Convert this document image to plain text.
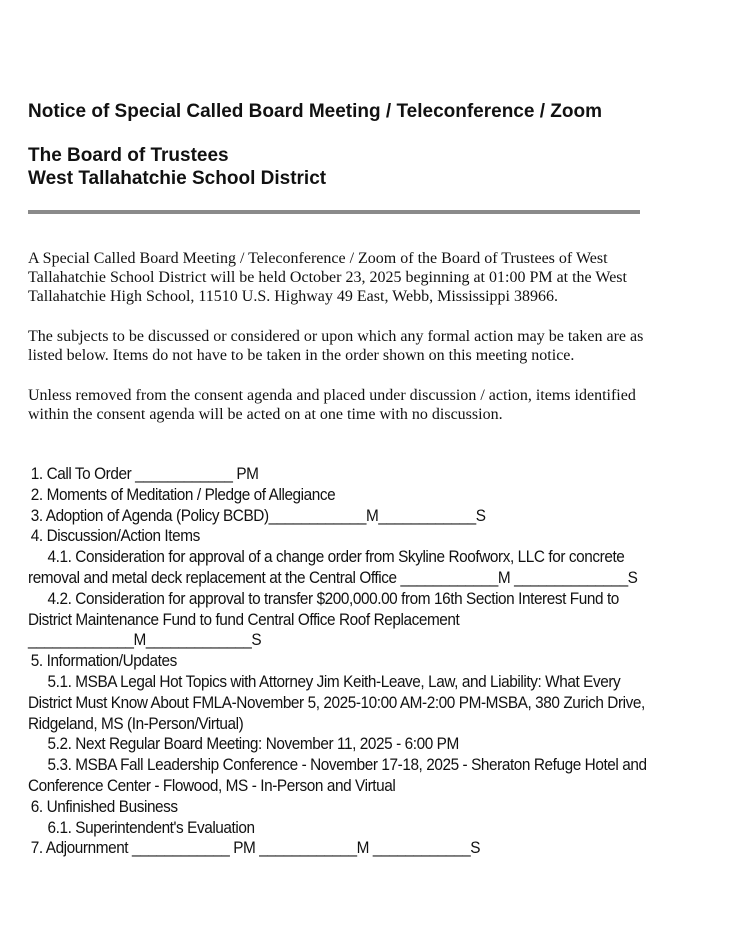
Notice of Special Called Board Meeting / Teleconference / Zoom
The Board of Trustees
West Tallahatchie School District
A Special Called Board Meeting / Teleconference / Zoom of the Board of Trustees of West
Tallahatchie School District will be held October 23, 2025 beginning at 01:00 PM at the West
Tallahatchie High School, 11510 U.S. Highway 49 East, Webb, Mississippi 38966.
The subjects to be discussed or considered or upon which any formal action may be taken are as
listed below. Items do not have to be taken in the order shown on this meeting notice.
Unless removed from the consent agenda and placed under discussion / action, items identified
within the consent agenda will be acted on at one time with no discussion.
1. Call To Order ____________ PM
2. Moments of Meditation / Pledge of Allegiance
3. Adoption of Agenda (Policy BCBD)____________M____________S
4. Discussion/Action Items
4.1. Consideration for approval of a change order from Skyline Roofworx, LLC for concrete
removal and metal deck replacement at the Central Office ____________M ______________S
4.2. Consideration for approval to transfer $200,000.00 from 16th Section Interest Fund to
District Maintenance Fund to fund Central Office Roof Replacement
_____________M_____________S
5. Information/Updates
5.1. MSBA Legal Hot Topics with Attorney Jim Keith-Leave, Law, and Liability: What Every
District Must Know About FMLA-November 5, 2025-10:00 AM-2:00 PM-MSBA, 380 Zurich Drive,
Ridgeland, MS (In-Person/Virtual)
5.2. Next Regular Board Meeting: November 11, 2025 - 6:00 PM
5.3. MSBA Fall Leadership Conference - November 17-18, 2025 - Sheraton Refuge Hotel and
Conference Center - Flowood, MS - In-Person and Virtual
6. Unfinished Business
6.1. Superintendent's Evaluation
7. Adjournment ____________ PM ____________M ____________S
